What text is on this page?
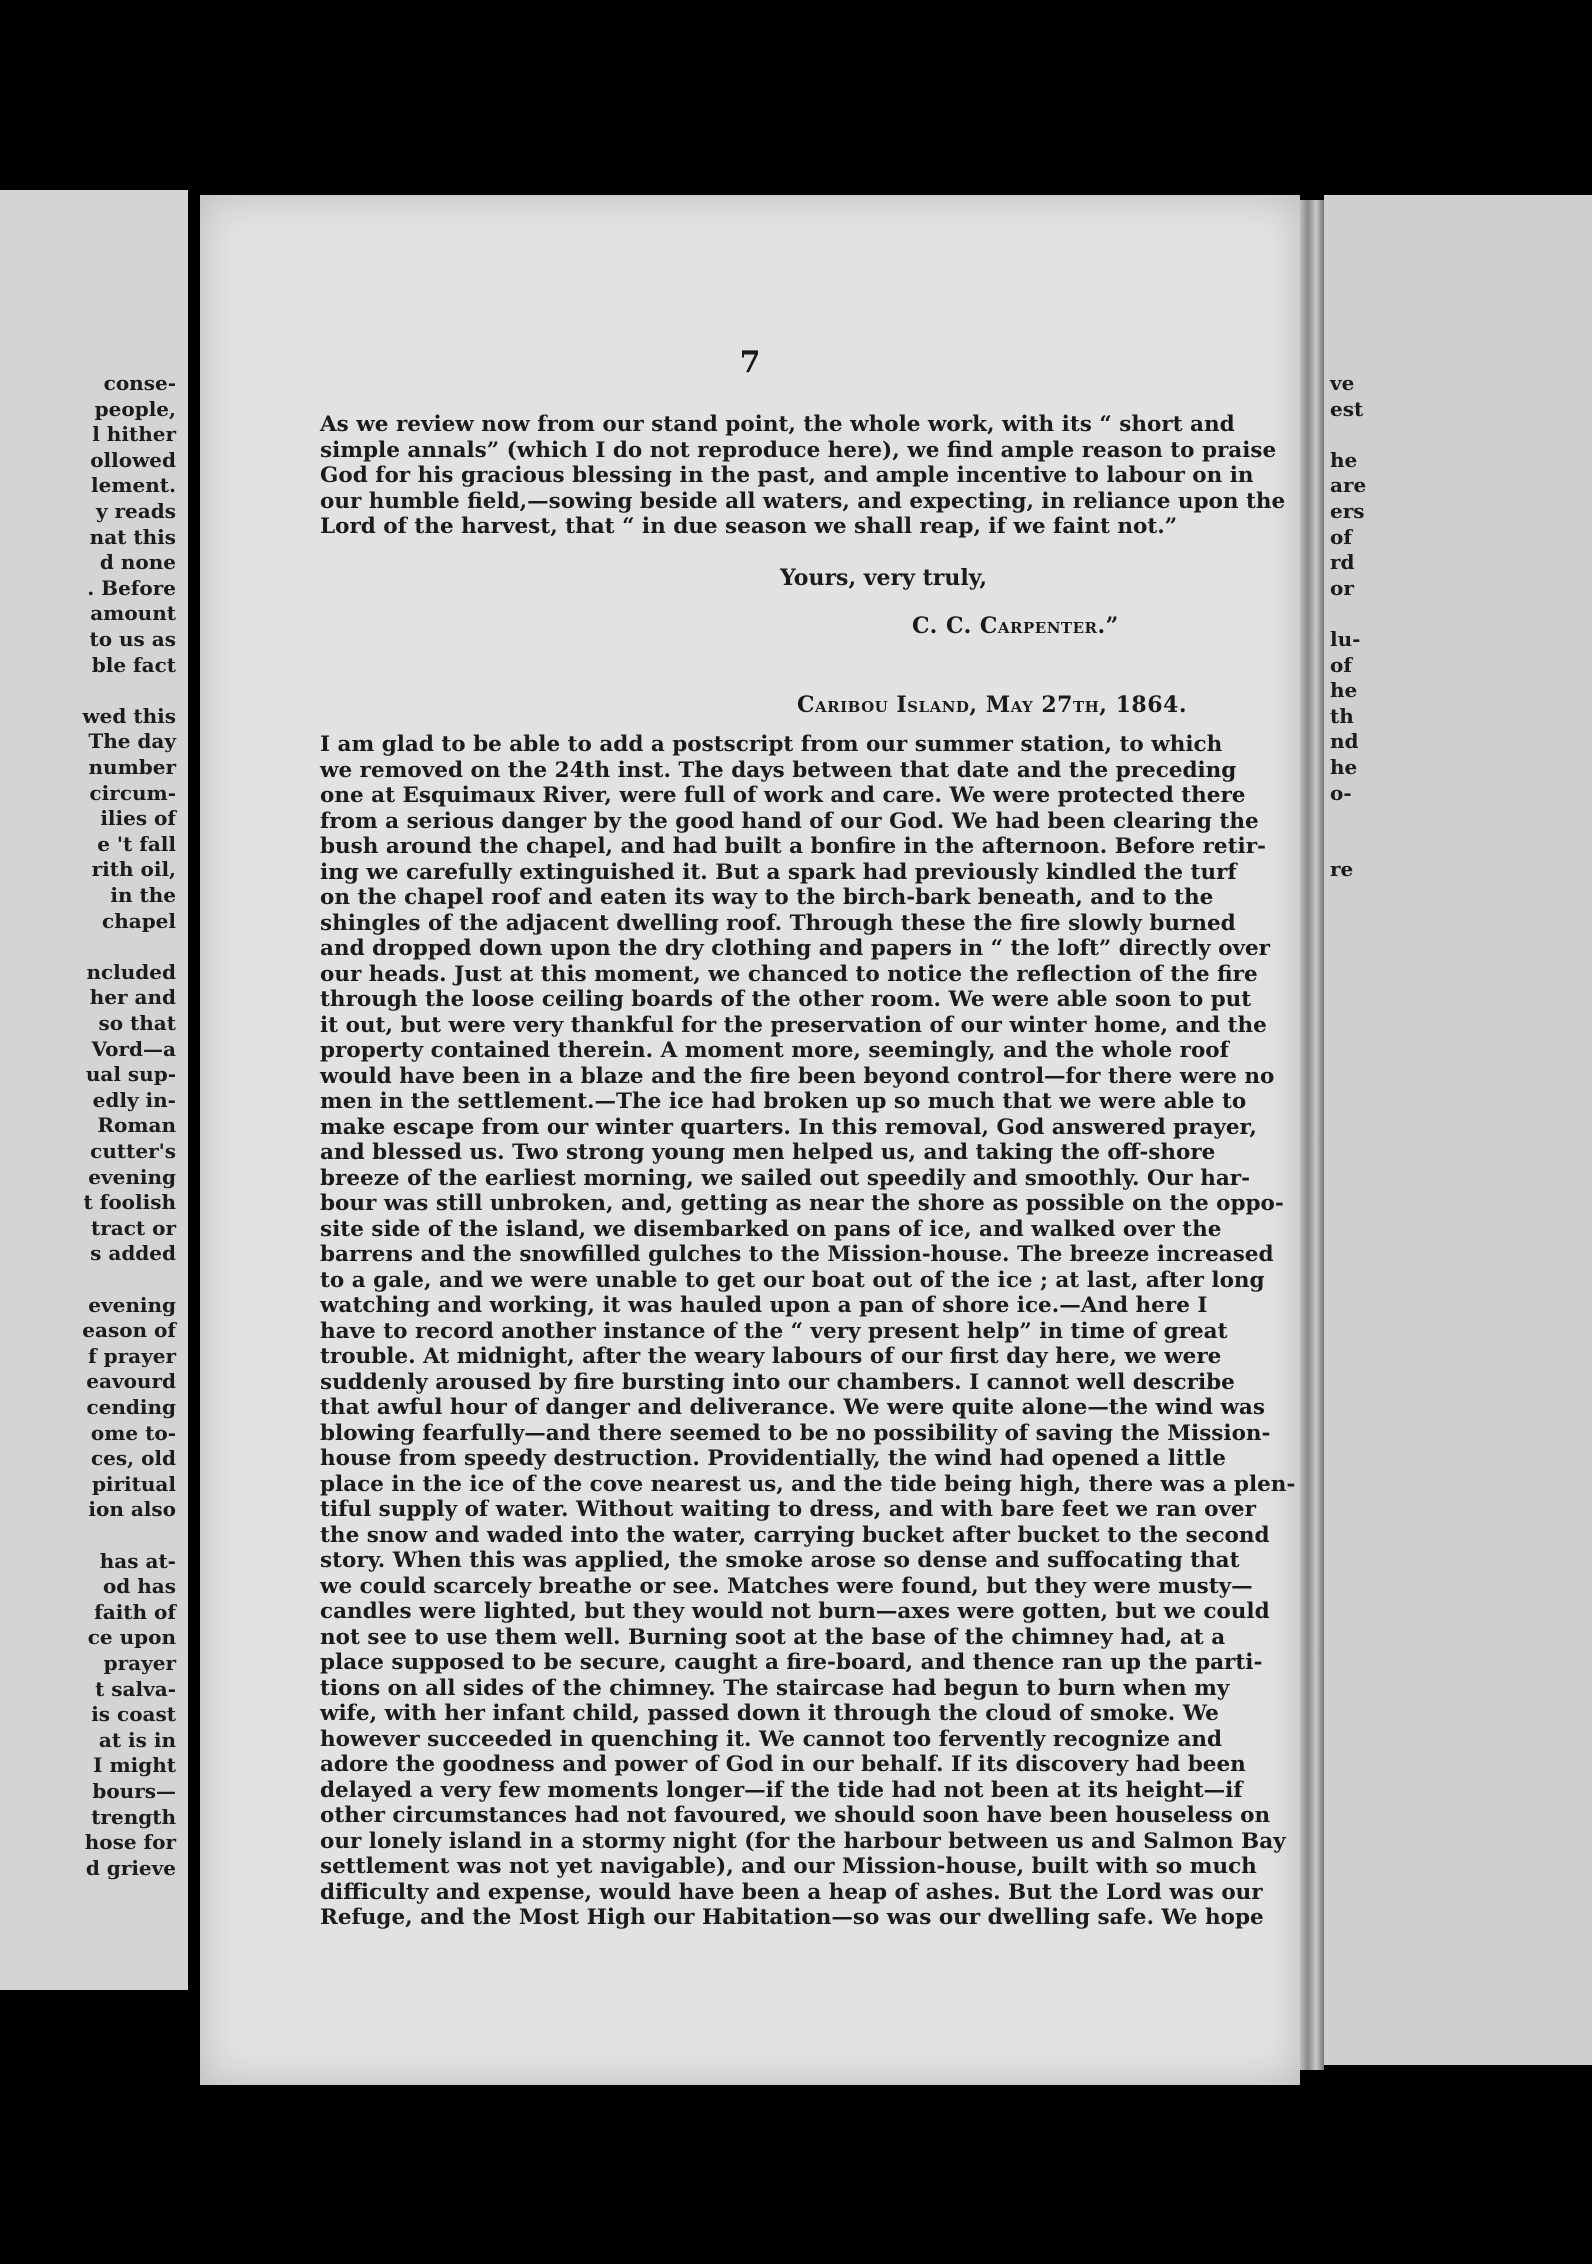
conse-
people,
l hither
ollowed
lement.
y reads
nat this
d none
. Before
amount
to us as
ble fact
wed this
The day
number
circum-
ilies of
e 't fall
rith oil,
in the
chapel
ncluded
her and
so that
Vord—a
ual sup-
edly in-
Roman
cutter's
evening
t foolish
tract or
s added
evening
eason of
f prayer
eavourd
cending
ome to-
ces, old
piritual
ion also
has at-
od has
faith of
ce upon
prayer
t salva-
is coast
at is in
I might
bours—
trength
hose for
d grieve
7
As we review now from our stand point, the whole work, with its “ short and
simple annals” (which I do not reproduce here), we find ample reason to praise
God for his gracious blessing in the past, and ample incentive to labour on in
our humble field,—sowing beside all waters, and expecting, in reliance upon the
Lord of the harvest, that “ in due season we shall reap, if we faint not.”
Yours, very truly,
C. C. Carpenter.”
Caribou Island, May 27th, 1864.
I am glad to be able to add a postscript from our summer station, to which
we removed on the 24th inst. The days between that date and the preceding
one at Esquimaux River, were full of work and care. We were protected there
from a serious danger by the good hand of our God. We had been clearing the
bush around the chapel, and had built a bonfire in the afternoon. Before retir-
ing we carefully extinguished it. But a spark had previously kindled the turf
on the chapel roof and eaten its way to the birch-bark beneath, and to the
shingles of the adjacent dwelling roof. Through these the fire slowly burned
and dropped down upon the dry clothing and papers in “ the loft” directly over
our heads. Just at this moment, we chanced to notice the reflection of the fire
through the loose ceiling boards of the other room. We were able soon to put
it out, but were very thankful for the preservation of our winter home, and the
property contained therein. A moment more, seemingly, and the whole roof
would have been in a blaze and the fire been beyond control—for there were no
men in the settlement.—The ice had broken up so much that we were able to
make escape from our winter quarters. In this removal, God answered prayer,
and blessed us. Two strong young men helped us, and taking the off-shore
breeze of the earliest morning, we sailed out speedily and smoothly. Our har-
bour was still unbroken, and, getting as near the shore as possible on the oppo-
site side of the island, we disembarked on pans of ice, and walked over the
barrens and the snowfilled gulches to the Mission-house. The breeze increased
to a gale, and we were unable to get our boat out of the ice ; at last, after long
watching and working, it was hauled upon a pan of shore ice.—And here I
have to record another instance of the “ very present help” in time of great
trouble. At midnight, after the weary labours of our first day here, we were
suddenly aroused by fire bursting into our chambers. I cannot well describe
that awful hour of danger and deliverance. We were quite alone—the wind was
blowing fearfully—and there seemed to be no possibility of saving the Mission-
house from speedy destruction. Providentially, the wind had opened a little
place in the ice of the cove nearest us, and the tide being high, there was a plen-
tiful supply of water. Without waiting to dress, and with bare feet we ran over
the snow and waded into the water, carrying bucket after bucket to the second
story. When this was applied, the smoke arose so dense and suffocating that
we could scarcely breathe or see. Matches were found, but they were musty—
candles were lighted, but they would not burn—axes were gotten, but we could
not see to use them well. Burning soot at the base of the chimney had, at a
place supposed to be secure, caught a fire-board, and thence ran up the parti-
tions on all sides of the chimney. The staircase had begun to burn when my
wife, with her infant child, passed down it through the cloud of smoke. We
however succeeded in quenching it. We cannot too fervently recognize and
adore the goodness and power of God in our behalf. If its discovery had been
delayed a very few moments longer—if the tide had not been at its height—if
other circumstances had not favoured, we should soon have been houseless on
our lonely island in a stormy night (for the harbour between us and Salmon Bay
settlement was not yet navigable), and our Mission-house, built with so much
difficulty and expense, would have been a heap of ashes. But the Lord was our
Refuge, and the Most High our Habitation—so was our dwelling safe. We hope
ve
est
he
are
ers
of
rd
or
lu-
of
he
th
nd
he
o-
re
